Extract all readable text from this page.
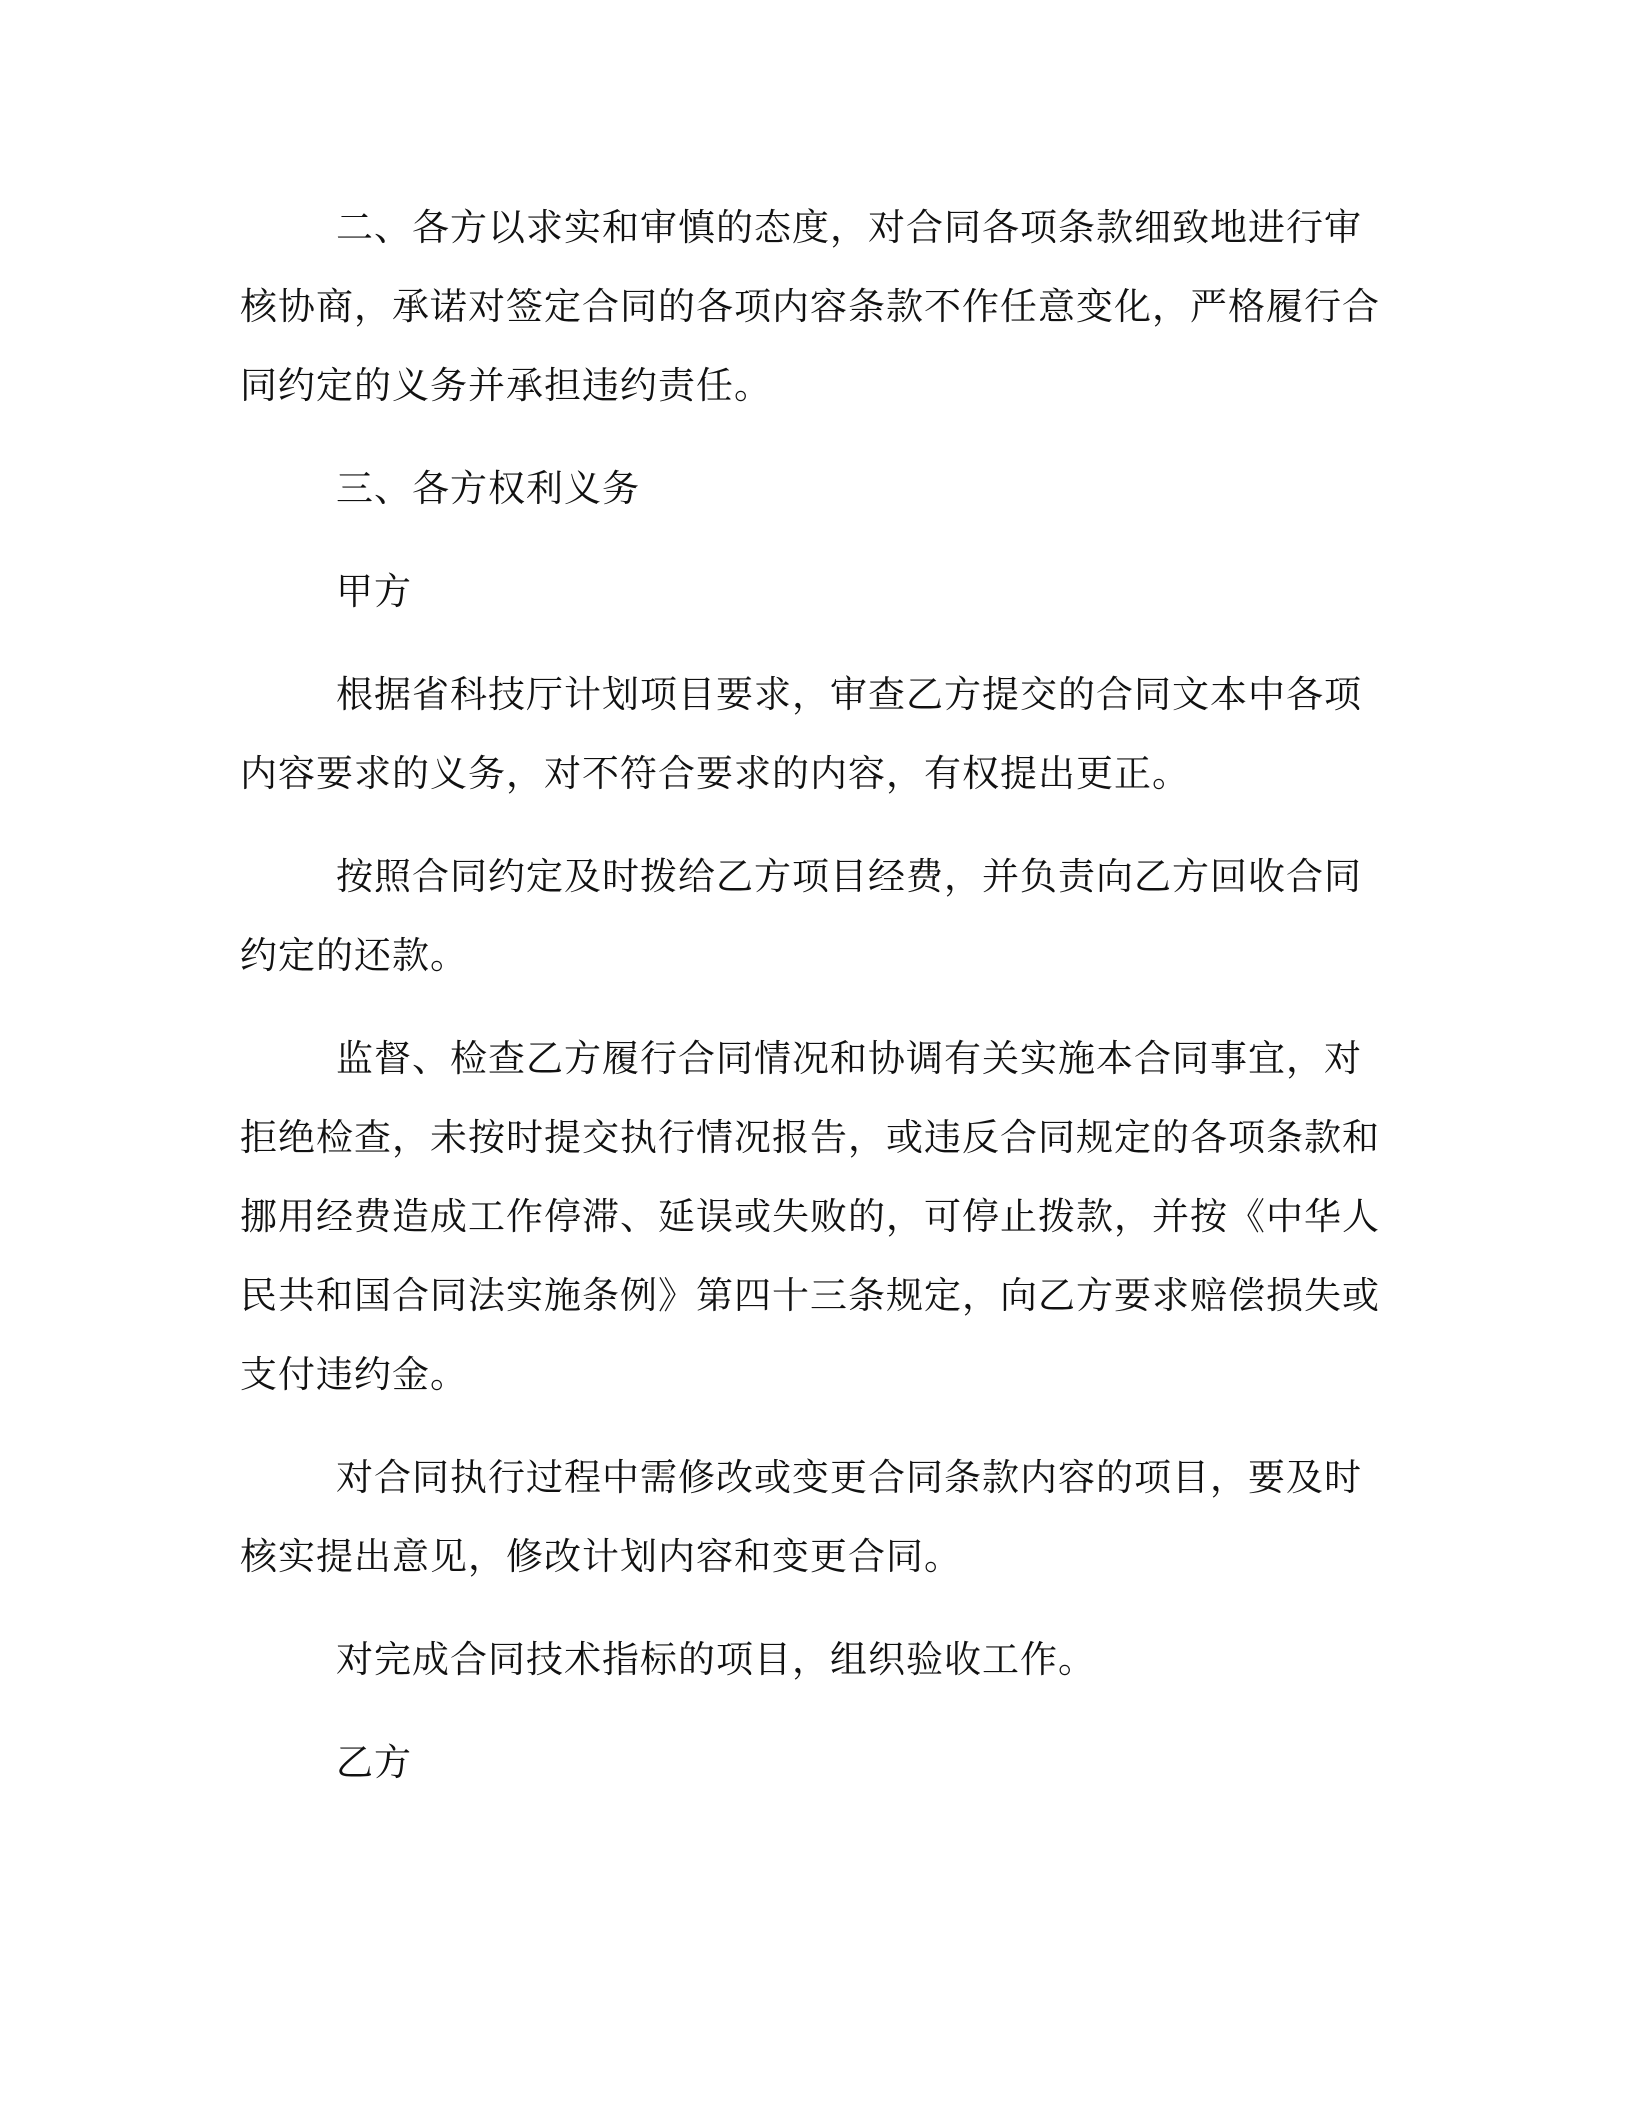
二、各方以求实和审慎的态度，对合同各项条款细致地进行审核协商，承诺对签定合同的各项内容条款不作任意变化，严格履行合同约定的义务并承担违约责任。

三、各方权利义务

甲方

根据省科技厅计划项目要求，审查乙方提交的合同文本中各项内容要求的义务，对不符合要求的内容，有权提出更正。

按照合同约定及时拨给乙方项目经费，并负责向乙方回收合同约定的还款。

监督、检查乙方履行合同情况和协调有关实施本合同事宜，对拒绝检查，未按时提交执行情况报告，或违反合同规定的各项条款和挪用经费造成工作停滞、延误或失败的，可停止拨款，并按《中华人民共和国合同法实施条例》第四十三条规定，向乙方要求赔偿损失或支付违约金。

对合同执行过程中需修改或变更合同条款内容的项目，要及时核实提出意见，修改计划内容和变更合同。

对完成合同技术指标的项目，组织验收工作。

乙方
